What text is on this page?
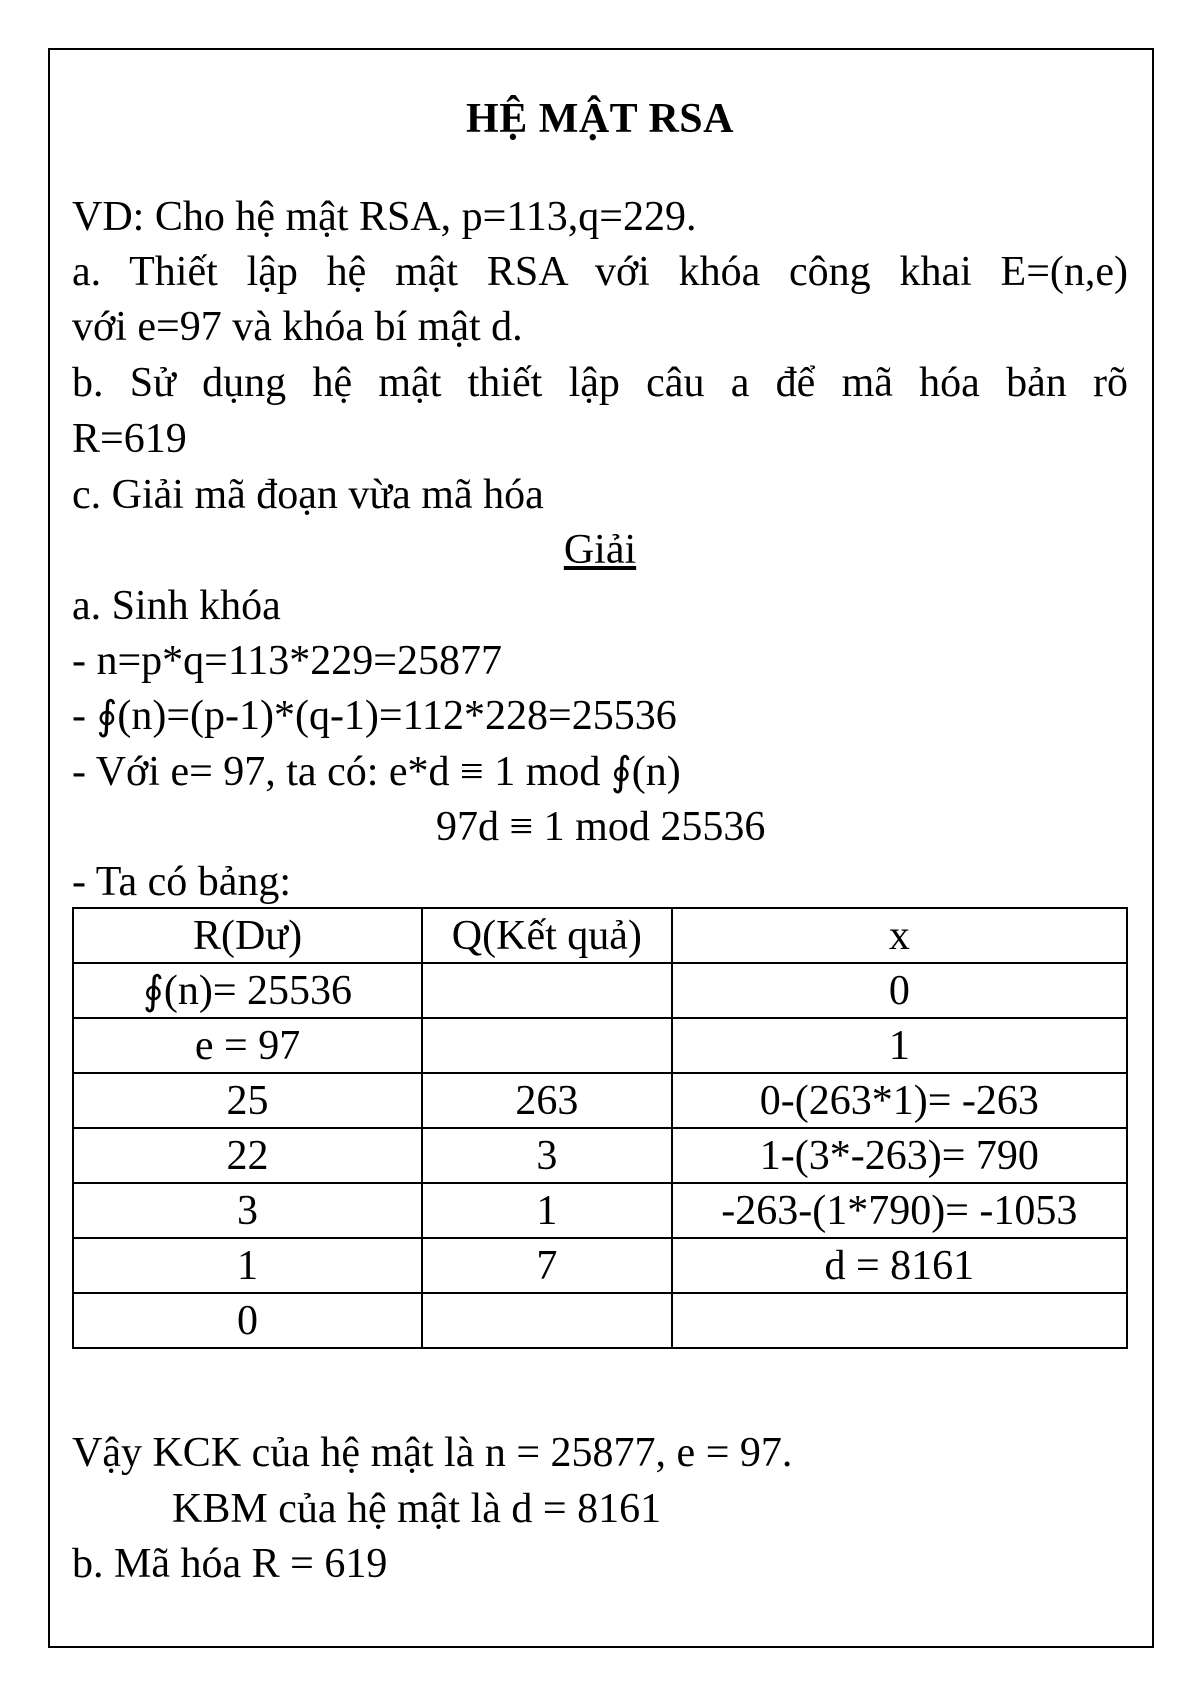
HỆ MẬT RSA
VD: Cho hệ mật RSA, p=113,q=229.
a. Thiết lập hệ mật RSA với khóa công khai E=(n,e)
với e=97 và khóa bí mật d.
b. Sử dụng hệ mật thiết lập câu a để mã hóa bản rõ
R=619
c. Giải mã đoạn vừa mã hóa
Giải
a. Sinh khóa
- n=p*q=113*229=25877
- ∮(n)=(p-1)*(q-1)=112*228=25536
- Với e= 97, ta có: e*d ≡ 1 mod ∮(n)
97d ≡ 1 mod 25536
- Ta có bảng:
R(Dư)	Q(Kết quả)	x
∮(n)= 25536		0
e = 97		1
25	263	0-(263*1)= -263
22	3	1-(3*-263)= 790
3	1	-263-(1*790)= -1053
1	7	d = 8161
0		
Vậy KCK của hệ mật là n = 25877, e = 97.
KBM của hệ mật là d = 8161
b. Mã hóa R = 619
